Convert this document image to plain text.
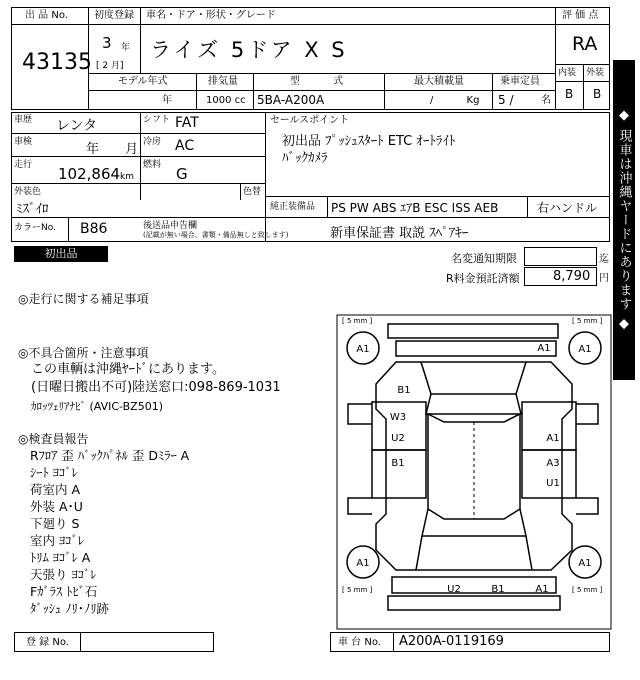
出 品 No.
43135
初度登録
3 年
[ 2 月]
車名・ドア・形状・グレード
ライズ 5ドア X S
評 価 点
RA
内装 外装
B B
モデル年式
年
排気量
1000 cc
型 式
5BA-A200A
最大積載量
/ Kg
乗車定員
5 /	名
車歴 レンタ	シフト FAT
車検	年 月 冷房 AC
走行 102,864 km
燃料 G
外装色
ﾐｽﾞｲﾛ
色替
カラーNo. B86	後送品申告欄
(記載が無い場合、書類・備品無しと致します)
セールスポイント
初出品 ﾌﾟｯｼｭｽﾀｰﾄ ETC ｵｰﾄﾗｲﾄ
ﾊﾞｯｸｶﾒﾗ
純正装備品 PS PW ABS ｴｱB ESC ISS AEB	右ハンドル
新車保証書 取説 ｽﾍﾟｱｷｰ
初出品	名変通知期限	迄
R料金預託済額	8,790 円
◎走行に関する補足事項
◎不具合箇所・注意事項
この車輌は沖縄ﾔｰﾄﾞにあります。
(日曜日搬出不可)陸送窓口:098-869-1031
ｶﾛｯﾂｪﾘｱﾅﾋﾞ (AVIC-BZ501)
◎検査員報告
Rﾌﾛｱ 歪 ﾊﾞｯｸﾊﾟﾈﾙ 歪 Dﾐﾗｰ A
ｼｰﾄ ﾖｺﾞﾚ
荷室内 A
外装 A･U
下廻り S
室内 ﾖｺﾞﾚ
ﾄﾘﾑ ﾖｺﾞﾚ A
天張り ﾖｺﾞﾚ
Fｶﾞﾗｽ ﾄﾋﾞ石
ﾀﾞｯｼｭ ﾉﾘ･ﾉﾘ跡
[ 5 mm ]	[ 5 mm ]
[ 5 mm ]	[ 5 mm ]
A1	A1
A1	A1
A1
B1
W3
U2
B1
A1
A3
U1
U2	B1	A1
登 録 No.	車 台 No. A200A-0119169
◆ 現車は沖縄ヤードにあります ◆
